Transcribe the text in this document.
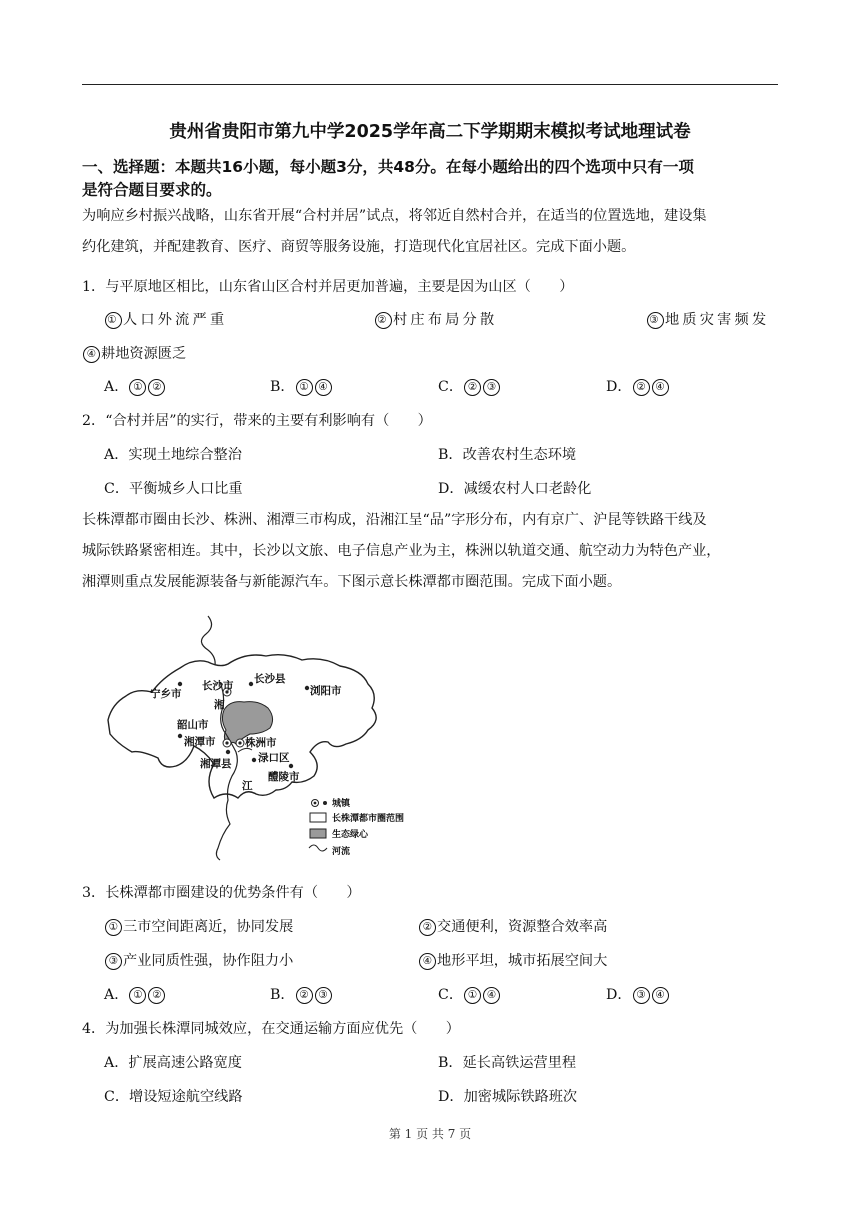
贵州省贵阳市第九中学2025学年高二下学期期末模拟考试地理试卷
一、选择题：本题共16小题，每小题3分，共48分。在每小题给出的四个选项中只有一项
是符合题目要求的。
为响应乡村振兴战略，山东省开展“合村并居”试点，将邻近自然村合并，在适当的位置选地，建设集
约化建筑，并配建教育、医疗、商贸等服务设施，打造现代化宜居社区。完成下面小题。
1．与平原地区相比，山东省山区合村并居更加普遍，主要是因为山区（　　）
① 人口外流严重	② 村庄布局分散	③ 地质灾害频发
④ 耕地资源匮乏
A． ① ②	B． ① ④	C． ② ③	D． ② ④
2．“合村并居”的实行，带来的主要有利影响有（　　）
A．实现土地综合整治	B．改善农村生态环境
C．平衡城乡人口比重	D．减缓农村人口老龄化
长株潭都市圈由长沙、株洲、湘潭三市构成，沿湘江呈“品”字形分布，内有京广、沪昆等铁路干线及
城际铁路紧密相连。其中，长沙以文旅、电子信息产业为主，株洲以轨道交通、航空动力为特色产业，
湘潭则重点发展能源装备与新能源汽车。下图示意长株潭都市圈范围。完成下面小题。
长沙市
长沙县
宁乡市	浏阳市
湘
韶山市
湘潭市	株洲市
渌口区
湘潭县
江
醴陵市
城镇
长株潭都市圈范围
生态绿心
河流
3．长株潭都市圈建设的优势条件有（　　）
① 三市空间距离近，协同发展	② 交通便利，资源整合效率高
③ 产业同质性强，协作阻力小	④ 地形平坦，城市拓展空间大
A． ① ②	B． ② ③	C． ① ④	D． ③ ④
4．为加强长株潭同城效应，在交通运输方面应优先（　　）
A．扩展高速公路宽度	B．延长高铁运营里程
C．增设短途航空线路	D．加密城际铁路班次
第 1 页 共 7 页
